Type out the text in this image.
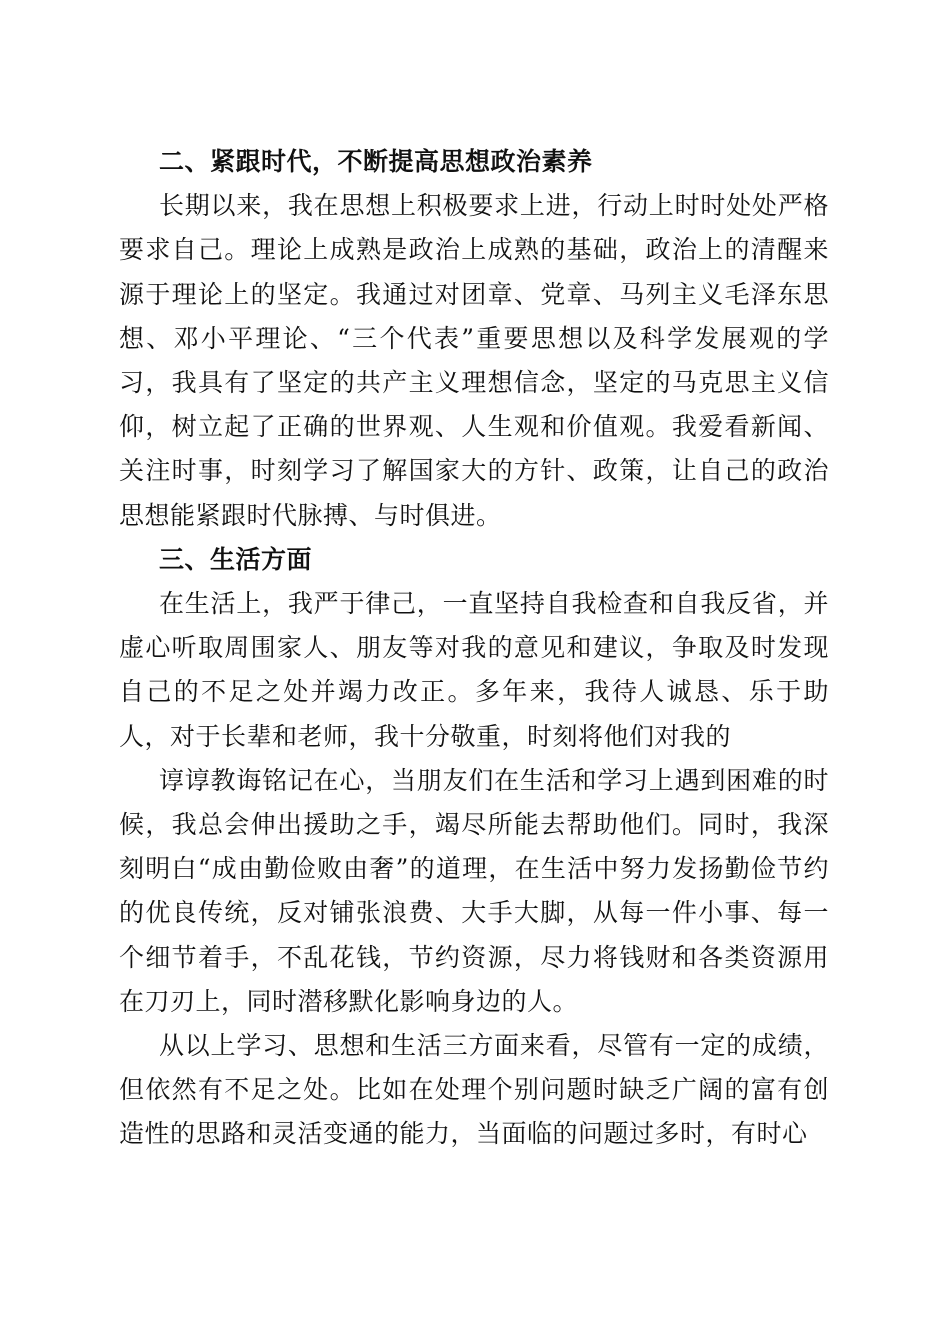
二、紧跟时代，不断提高思想政治素养

长期以来，我在思想上积极要求上进，行动上时时处处严格要求自己。理论上成熟是政治上成熟的基础，政治上的清醒来源于理论上的坚定。我通过对团章、党章、马列主义毛泽东思想、邓小平理论、“三个代表”重要思想以及科学发展观的学习，我具有了坚定的共产主义理想信念，坚定的马克思主义信仰，树立起了正确的世界观、人生观和价值观。我爱看新闻、关注时事，时刻学习了解国家大的方针、政策，让自己的政治思想能紧跟时代脉搏、与时俱进。

三、生活方面

在生活上，我严于律己，一直坚持自我检查和自我反省，并虚心听取周围家人、朋友等对我的意见和建议，争取及时发现自己的不足之处并竭力改正。多年来，我待人诚恳、乐于助人，对于长辈和老师，我十分敬重，时刻将他们对我的

谆谆教诲铭记在心，当朋友们在生活和学习上遇到困难的时候，我总会伸出援助之手，竭尽所能去帮助他们。同时，我深刻明白“成由勤俭败由奢”的道理，在生活中努力发扬勤俭节约的优良传统，反对铺张浪费、大手大脚，从每一件小事、每一个细节着手，不乱花钱，节约资源，尽力将钱财和各类资源用在刀刃上，同时潜移默化影响身边的人。

从以上学习、思想和生活三方面来看，尽管有一定的成绩，但依然有不足之处。比如在处理个别问题时缺乏广阔的富有创造性的思路和灵活变通的能力，当面临的问题过多时，有时心
